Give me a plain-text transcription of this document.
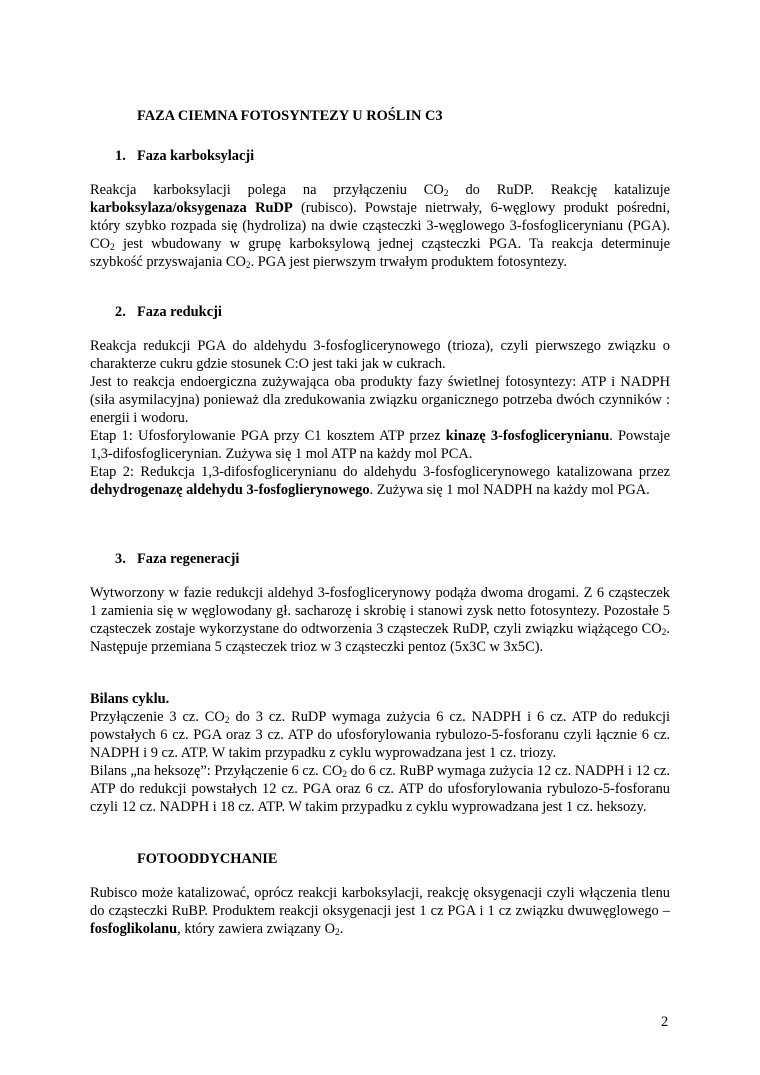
FAZA CIEMNA FOTOSYNTEZY U ROŚLIN C3
1. Faza karboksylacji

Reakcja karboksylacji polega na przyłączeniu $CO_2$ do RuDP. Reakcję katalizuje karboksylaza/oksygenaza RuDP (rubisco). Powstaje nietrwały, 6-węglowy produkt pośredni, który szybko rozpada się (hydroliza) na dwie cząsteczki 3-węglowego 3-fosfoglicerynianu (PGA). $CO_2$ jest wbudowany w grupę karboksylową jednej cząsteczki PGA. Ta reakcja determinuje szybkość przyswajania $CO_2$. PGA jest pierwszym trwałym produktem fotosyntezy.

2. Faza redukcji
Reakcja redukcji PGA do aldehydu 3-fosfoglicerynowego (trioza), czyli pierwszego związku o charakterze cukru gdzie stosunek C:O jest taki jak w cukrach.
Jest to reakcja endoergiczna zużywająca oba produkty fazy świetlnej fotosyntezy: ATP i NADPH (siła asymilacyjna) ponieważ dla zredukowania związku organicznego potrzeba dwóch czynników : energii i wodoru.
Etap 1: Ufosforylowanie PGA przy C1 kosztem ATP przez kinazę 3-fosfoglicerynianu. Powstaje 1,3-difosfoglicerynian. Zużywa się 1 mol ATP na każdy mol PCA.
Etap 2: Redukcja 1,3-difosfoglicerynianu do aldehydu 3-fosfoglicerynowego katalizowana przez dehydrogenazę aldehydu 3-fosfoglierynowego. Zużywa się 1 mol NADPH na każdy mol PGA.
3. Faza regeneracji

Wytworzony w fazie redukcji aldehyd 3-fosfoglicerynowy podąża dwoma drogami. Z 6 cząsteczek 1 zamienia się w węglowodany gł. sacharozę i skrobię i stanowi zysk netto fotosyntezy. Pozostałe 5 cząsteczek zostaje wykorzystane do odtworzenia 3 cząsteczek RuDP, czyli związku wiążącego $CO_2$. Następuje przemiana 5 cząsteczek trioz w 3 cząsteczki pentoz (5x3C w 3x5C).

Bilans cyklu.
Przyłączenie 3 cz. $CO_2$ do 3 cz. RuDP wymaga zużycia 6 cz. NADPH i 6 cz. ATP do redukcji powstałych 6 cz. PGA oraz 3 cz. ATP do ufosforylowania rybulozo-5-fosforanu czyli łącznie 6 cz. NADPH i 9 cz. ATP. W takim przypadku z cyklu wyprowadzana jest 1 cz. triozy.
Bilans „na heksozę”: Przyłączenie 6 cz. $CO_2$ do 6 cz. RuBP wymaga zużycia 12 cz. NADPH i 12 cz. ATP do redukcji powstałych 12 cz. PGA oraz 6 cz. ATP do ufosforylowania rybulozo-5-fosforanu czyli 12 cz. NADPH i 18 cz. ATP. W takim przypadku z cyklu wyprowadzana jest 1 cz. heksozy.
FOTOODDYCHANIE

Rubisco może katalizować, oprócz reakcji karboksylacji, reakcję oksygenacji czyli włączenia tlenu do cząsteczki RuBP. Produktem reakcji oksygenacji jest 1 cz PGA i 1 cz związku dwuwęglowego – fosfoglikolanu, który zawiera związany $O_2$.

2
